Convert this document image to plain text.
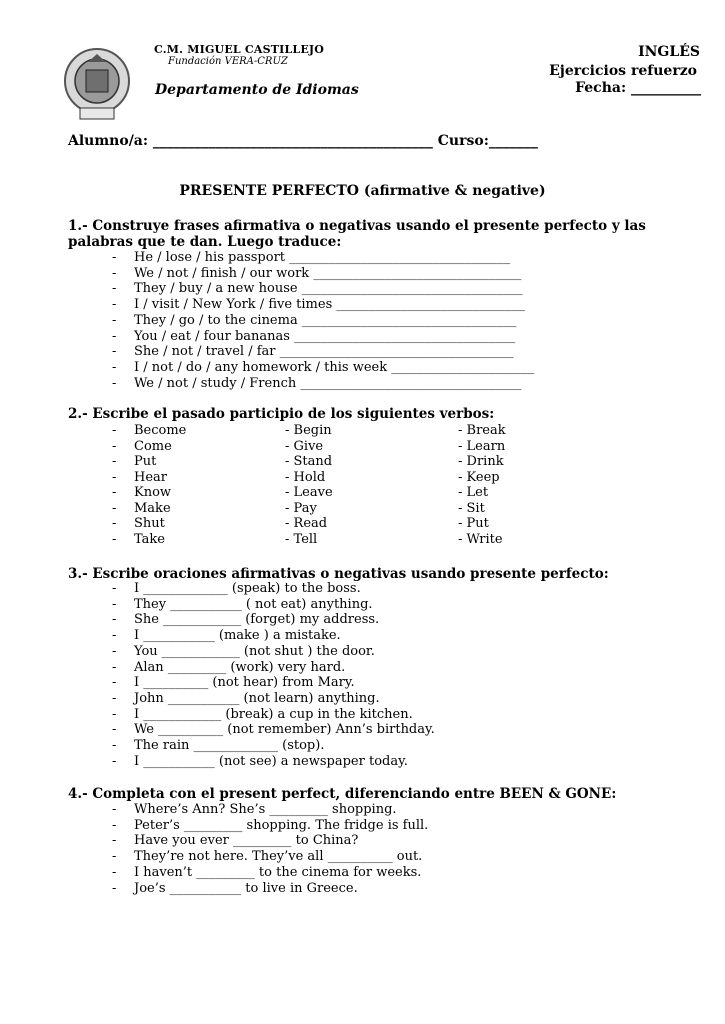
C.M. MIGUEL CASTILLEJO
Fundación VERA-CRUZ
Departamento de Idiomas
INGLÉS
Ejercicios refuerzo
Fecha: __________
Alumno/a: ________________________________________ Curso:_______
PRESENTE PERFECTO (afirmative & negative)
1.- Construye frases afirmativa o negativas usando el presente perfecto y las
palabras que te dan. Luego traduce:
- He / lose / his passport __________________________________
- We / not / finish / our work ________________________________
- They / buy / a new house __________________________________
- I / visit / New York / five times _____________________________
- They / go / to the cinema _________________________________
- You / eat / four bananas __________________________________
- She / not / travel / far ____________________________________
- I / not / do / any homework / this week ______________________
- We / not / study / French __________________________________
2.- Escribe el pasado participio de los siguientes verbos:
- Become
- Come
- Put
- Hear
- Know
- Make
- Shut
- Take
- Begin
- Give
- Stand
- Hold
- Leave
- Pay
- Read
- Tell
- Break
- Learn
- Drink
- Keep
- Let
- Sit
- Put
- Write
3.- Escribe oraciones afirmativas o negativas usando presente perfecto:
- I _____________ (speak) to the boss.
- They ___________ ( not eat) anything.
- She ____________ (forget) my address.
- I ___________ (make ) a mistake.
- You ____________ (not shut ) the door.
- Alan _________ (work) very hard.
- I __________ (not hear) from Mary.
- John ___________ (not learn) anything.
- I ____________ (break) a cup in the kitchen.
- We __________ (not remember) Ann’s birthday.
- The rain _____________ (stop).
- I ___________ (not see) a newspaper today.
4.- Completa con el present perfect, diferenciando entre BEEN & GONE:
- Where’s Ann? She’s _________ shopping.
- Peter’s _________ shopping. The fridge is full.
- Have you ever _________ to China?
- They’re not here. They’ve all __________ out.
- I haven’t _________ to the cinema for weeks.
- Joe’s ___________ to live in Greece.
